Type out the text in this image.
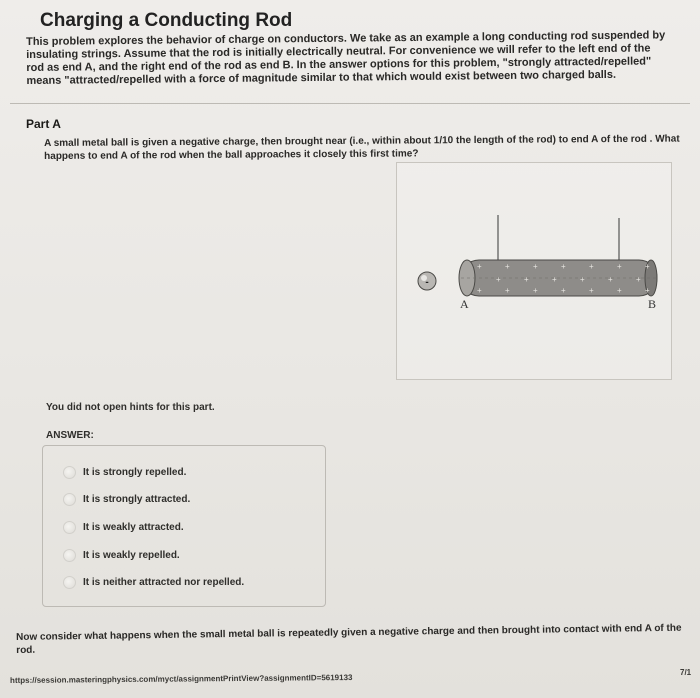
Charging a Conducting Rod
This problem explores the behavior of charge on conductors. We take as an example a long conducting rod suspended by insulating strings. Assume that the rod is initially electrically neutral. For convenience we will refer to the left end of the rod as end A, and the right end of the rod as end B. In the answer options for this problem, "strongly attracted/repelled" means "attracted/repelled with a force of magnitude similar to that which would exist between two charged balls.
Part A
A small metal ball is given a negative charge, then brought near (i.e., within about 1/10 the length of the rod) to end A of the rod . What happens to end A of the rod when the ball approaches it closely this first time?
+
+
+
+
+
+
+
+
+
+
+
+
+
+
+
+
+
+
+
+
-
A	B
You did not open hints for this part.
ANSWER:
It is strongly repelled.
It is strongly attracted.
It is weakly attracted.
It is weakly repelled.
It is neither attracted nor repelled.
Now consider what happens when the small metal ball is repeatedly given a negative charge and then brought into contact with end A of the rod.
https://session.masteringphysics.com/myct/assignmentPrintView?assignmentID=5619133
7/1
